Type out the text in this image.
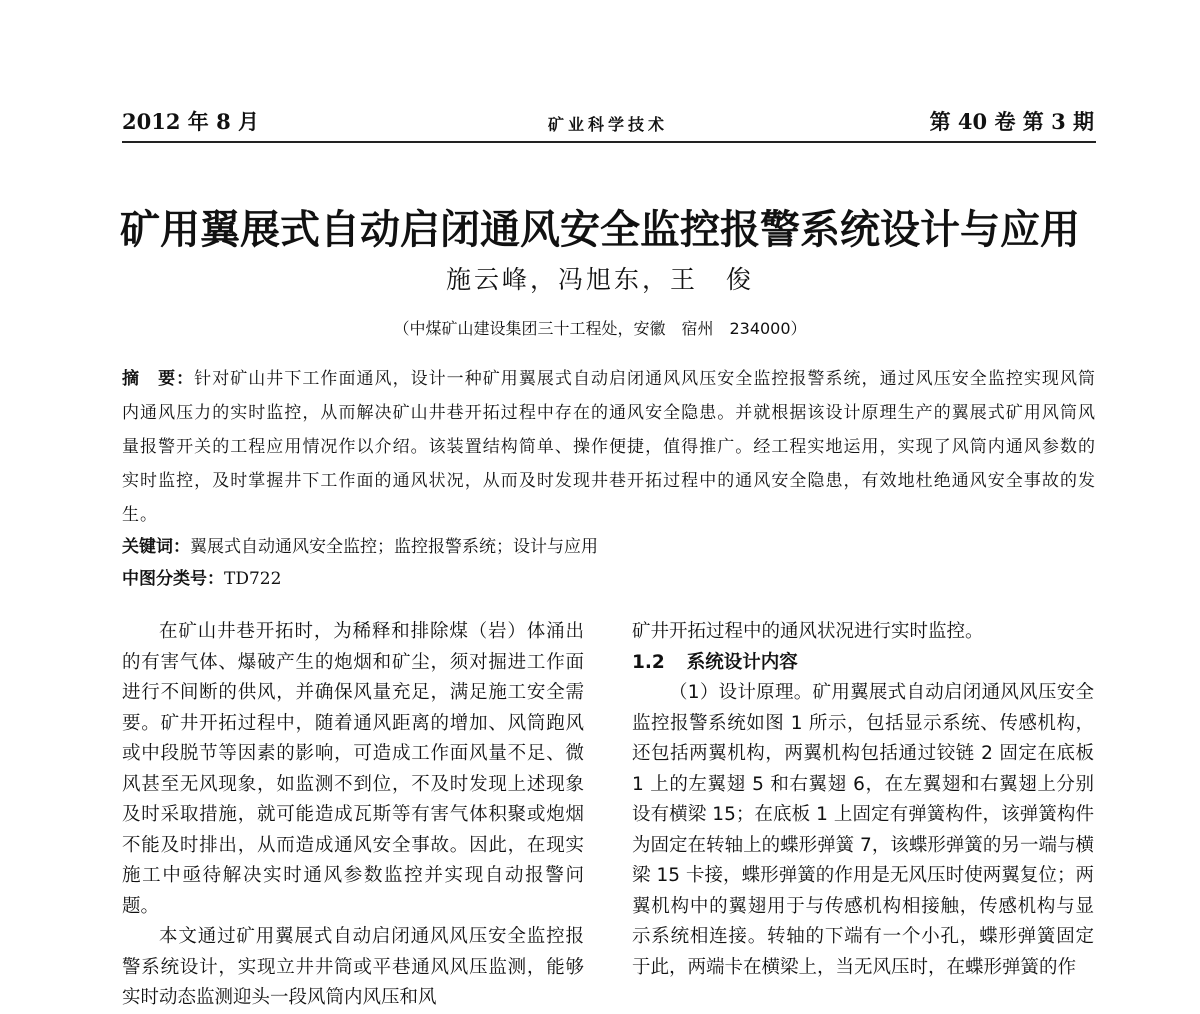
2012 年 8 月	矿业科学技术	第 40 卷 第 3 期
矿用翼展式自动启闭通风安全监控报警系统设计与应用
施云峰，冯旭东，王　俊
（中煤矿山建设集团三十工程处，安徽　宿州　234000）
摘　要：针对矿山井下工作面通风，设计一种矿用翼展式自动启闭通风风压安全监控报警系统，通过风压安全监控实现风筒内通风压力的实时监控，从而解决矿山井巷开拓过程中存在的通风安全隐患。并就根据该设计原理生产的翼展式矿用风筒风量报警开关的工程应用情况作以介绍。该装置结构简单、操作便捷，值得推广。经工程实地运用，实现了风筒内通风参数的实时监控，及时掌握井下工作面的通风状况，从而及时发现井巷开拓过程中的通风安全隐患，有效地杜绝通风安全事故的发生。
关键词：翼展式自动通风安全监控；监控报警系统；设计与应用
中图分类号：TD722

在矿山井巷开拓时，为稀释和排除煤（岩）体涌出的有害气体、爆破产生的炮烟和矿尘，须对掘进工作面进行不间断的供风，并确保风量充足，满足施工安全需要。矿井开拓过程中，随着通风距离的增加、风筒跑风或中段脱节等因素的影响，可造成工作面风量不足、微风甚至无风现象，如监测不到位，不及时发现上述现象及时采取措施，就可能造成瓦斯等有害气体积聚或炮烟不能及时排出，从而造成通风安全事故。因此，在现实施工中亟待解决实时通风参数监控并实现自动报警问题。

本文通过矿用翼展式自动启闭通风风压安全监控报警系统设计，实现立井井筒或平巷通风风压监测，能够实时动态监测迎头一段风筒内风压和风

矿井开拓过程中的通风状况进行实时监控。

1.2 系统设计内容

（1）设计原理。矿用翼展式自动启闭通风风压安全监控报警系统如图 1 所示，包括显示系统、传感机构，还包括两翼机构，两翼机构包括通过铰链 2 固定在底板 1 上的左翼翅 5 和右翼翅 6，在左翼翅和右翼翅上分别设有横梁 15；在底板 1 上固定有弹簧构件，该弹簧构件为固定在转轴上的蝶形弹簧 7，该蝶形弹簧的另一端与横梁 15 卡接，蝶形弹簧的作用是无风压时使两翼复位；两翼机构中的翼翅用于与传感机构相接触，传感机构与显示系统相连接。转轴的下端有一个小孔，蝶形弹簧固定于此，两端卡在横梁上，当无风压时，在蝶形弹簧的作
